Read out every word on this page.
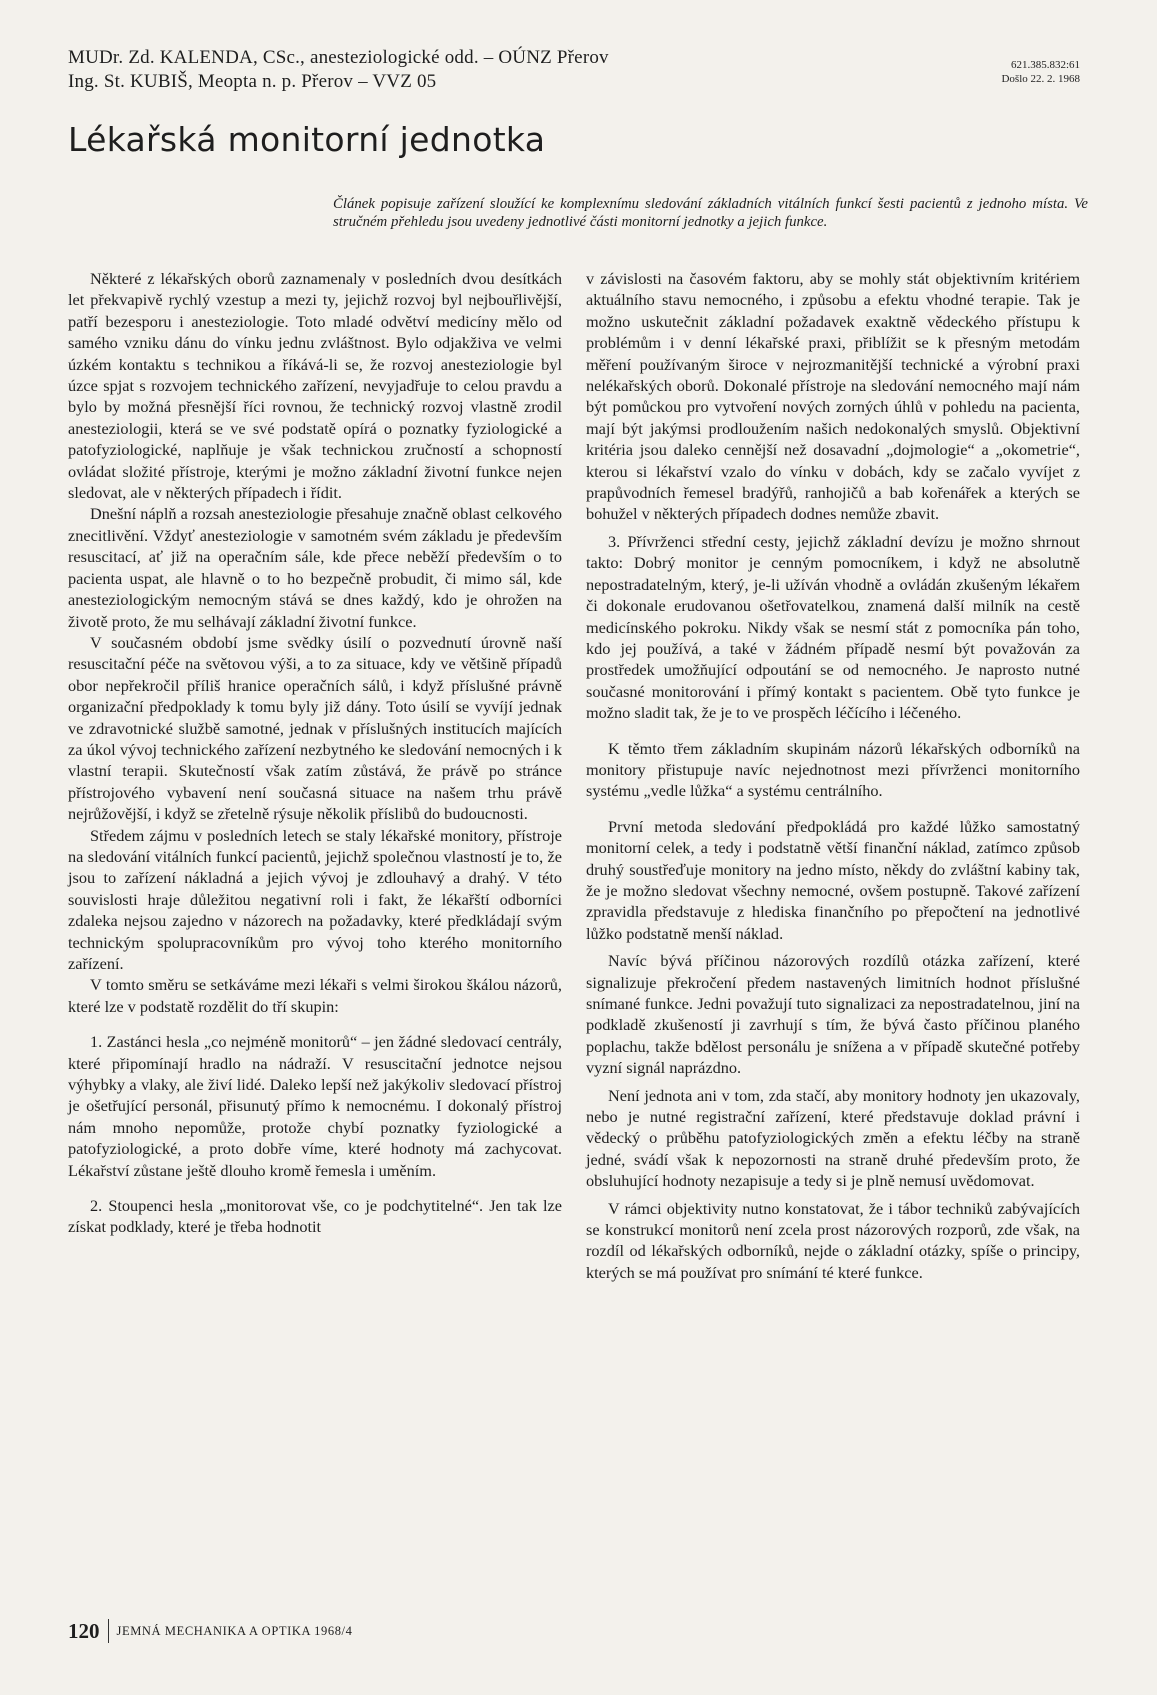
MUDr. Zd. KALENDA, CSc., anesteziologické odd. – OÚNZ Přerov
Ing. St. KUBIŠ, Meopta n. p. Přerov – VVZ 05
621.385.832:61
Došlo 22. 2. 1968
Lékařská monitorní jednotka
Článek popisuje zařízení sloužící ke komplexnímu sledování základních vitálních funkcí šesti pacientů z jednoho místa. Ve stručném přehledu jsou uvedeny jednotlivé části monitorní jednotky a jejich funkce.

Některé z lékařských oborů zaznamenaly v posledních dvou desítkách let překvapivě rychlý vzestup a mezi ty, jejichž rozvoj byl nejbouřlivější, patří bezesporu i anesteziologie. Toto mladé odvětví medicíny mělo od samého vzniku dánu do vínku jednu zvláštnost. Bylo odjakživa ve velmi úzkém kontaktu s technikou a říkává-li se, že rozvoj anesteziologie byl úzce spjat s rozvojem technického zařízení, nevyjadřuje to celou pravdu a bylo by možná přesnější říci rovnou, že technický rozvoj vlastně zrodil anesteziologii, která se ve své podstatě opírá o poznatky fyziologické a patofyziologické, naplňuje je však technickou zručností a schopností ovládat složité přístroje, kterými je možno základní životní funkce nejen sledovat, ale v některých případech i řídit.

Dnešní náplň a rozsah anesteziologie přesahuje značně oblast celkového znecitlivění. Vždyť anesteziologie v samotném svém základu je především resuscitací, ať již na operačním sále, kde přece neběží především o to pacienta uspat, ale hlavně o to ho bezpečně probudit, či mimo sál, kde anesteziologickým nemocným stává se dnes každý, kdo je ohrožen na životě proto, že mu selhávají základní životní funkce.

V současném období jsme svědky úsilí o pozvednutí úrovně naší resuscitační péče na světovou výši, a to za situace, kdy ve většině případů obor nepřekročil příliš hranice operačních sálů, i když příslušné právně organizační předpoklady k tomu byly již dány. Toto úsilí se vyvíjí jednak ve zdravotnické službě samotné, jednak v příslušných institucích majících za úkol vývoj technického zařízení nezbytného ke sledování nemocných i k vlastní terapii. Skutečností však zatím zůstává, že právě po stránce přístrojového vybavení není současná situace na našem trhu právě nejrůžovější, i když se zřetelně rýsuje několik příslibů do budoucnosti.

Středem zájmu v posledních letech se staly lékařské monitory, přístroje na sledování vitálních funkcí pacientů, jejichž společnou vlastností je to, že jsou to zařízení nákladná a jejich vývoj je zdlouhavý a drahý. V této souvislosti hraje důležitou negativní roli i fakt, že lékařští odborníci zdaleka nejsou zajedno v názorech na požadavky, které předkládají svým technickým spolupracovníkům pro vývoj toho kterého monitorního zařízení.

V tomto směru se setkáváme mezi lékaři s velmi širokou škálou názorů, které lze v podstatě rozdělit do tří skupin:

1. Zastánci hesla „co nejméně monitorů“ – jen žádné sledovací centrály, které připomínají hradlo na nádraží. V resuscitační jednotce nejsou výhybky a vlaky, ale živí lidé. Daleko lepší než jakýkoliv sledovací přístroj je ošetřující personál, přisunutý přímo k nemocnému. I dokonalý přístroj nám mnoho nepomůže, protože chybí poznatky fyziologické a patofyziologické, a proto dobře víme, které hodnoty má zachycovat. Lékařství zůstane ještě dlouho kromě řemesla i uměním.

2. Stoupenci hesla „monitorovat vše, co je podchytitelné“. Jen tak lze získat podklady, které je třeba hodnotit

v závislosti na časovém faktoru, aby se mohly stát objektivním kritériem aktuálního stavu nemocného, i způsobu a efektu vhodné terapie. Tak je možno uskutečnit základní požadavek exaktně vědeckého přístupu k problémům i v denní lékařské praxi, přiblížit se k přesným metodám měření používaným široce v nejrozmanitější technické a výrobní praxi nelékařských oborů. Dokonalé přístroje na sledování nemocného mají nám být pomůckou pro vytvoření nových zorných úhlů v pohledu na pacienta, mají být jakýmsi prodloužením našich nedokonalých smyslů. Objektivní kritéria jsou daleko cennější než dosavadní „dojmologie“ a „okometrie“, kterou si lékařství vzalo do vínku v dobách, kdy se začalo vyvíjet z prapůvodních řemesel bradýřů, ranhojičů a bab kořenářek a kterých se bohužel v některých případech dodnes nemůže zbavit.

3. Přívrženci střední cesty, jejichž základní devízu je možno shrnout takto: Dobrý monitor je cenným pomocníkem, i když ne absolutně nepostradatelným, který, je-li užíván vhodně a ovládán zkušeným lékařem či dokonale erudovanou ošetřovatelkou, znamená další milník na cestě medicínského pokroku. Nikdy však se nesmí stát z pomocníka pán toho, kdo jej používá, a také v žádném případě nesmí být považován za prostředek umožňující odpoutání se od nemocného. Je naprosto nutné současné monitorování i přímý kontakt s pacientem. Obě tyto funkce je možno sladit tak, že je to ve prospěch léčícího i léčeného.

K těmto třem základním skupinám názorů lékařských odborníků na monitory přistupuje navíc nejednotnost mezi přívrženci monitorního systému „vedle lůžka“ a systému centrálního.

První metoda sledování předpokládá pro každé lůžko samostatný monitorní celek, a tedy i podstatně větší finanční náklad, zatímco způsob druhý soustřeďuje monitory na jedno místo, někdy do zvláštní kabiny tak, že je možno sledovat všechny nemocné, ovšem postupně. Takové zařízení zpravidla představuje z hlediska finančního po přepočtení na jednotlivé lůžko podstatně menší náklad.

Navíc bývá příčinou názorových rozdílů otázka zařízení, které signalizuje překročení předem nastavených limitních hodnot příslušné snímané funkce. Jedni považují tuto signalizaci za nepostradatelnou, jiní na podkladě zkušeností ji zavrhují s tím, že bývá často příčinou planého poplachu, takže bdělost personálu je snížena a v případě skutečné potřeby vyzní signál naprázdno.

Není jednota ani v tom, zda stačí, aby monitory hodnoty jen ukazovaly, nebo je nutné registrační zařízení, které představuje doklad právní i vědecký o průběhu patofyziologických změn a efektu léčby na straně jedné, svádí však k nepozornosti na straně druhé především proto, že obsluhující hodnoty nezapisuje a tedy si je plně nemusí uvědomovat.

V rámci objektivity nutno konstatovat, že i tábor techniků zabývajících se konstrukcí monitorů není zcela prost názorových rozporů, zde však, na rozdíl od lékařských odborníků, nejde o základní otázky, spíše o principy, kterých se má používat pro snímání té které funkce.

120	JEMNÁ MECHANIKA A OPTIKA 1968/4
